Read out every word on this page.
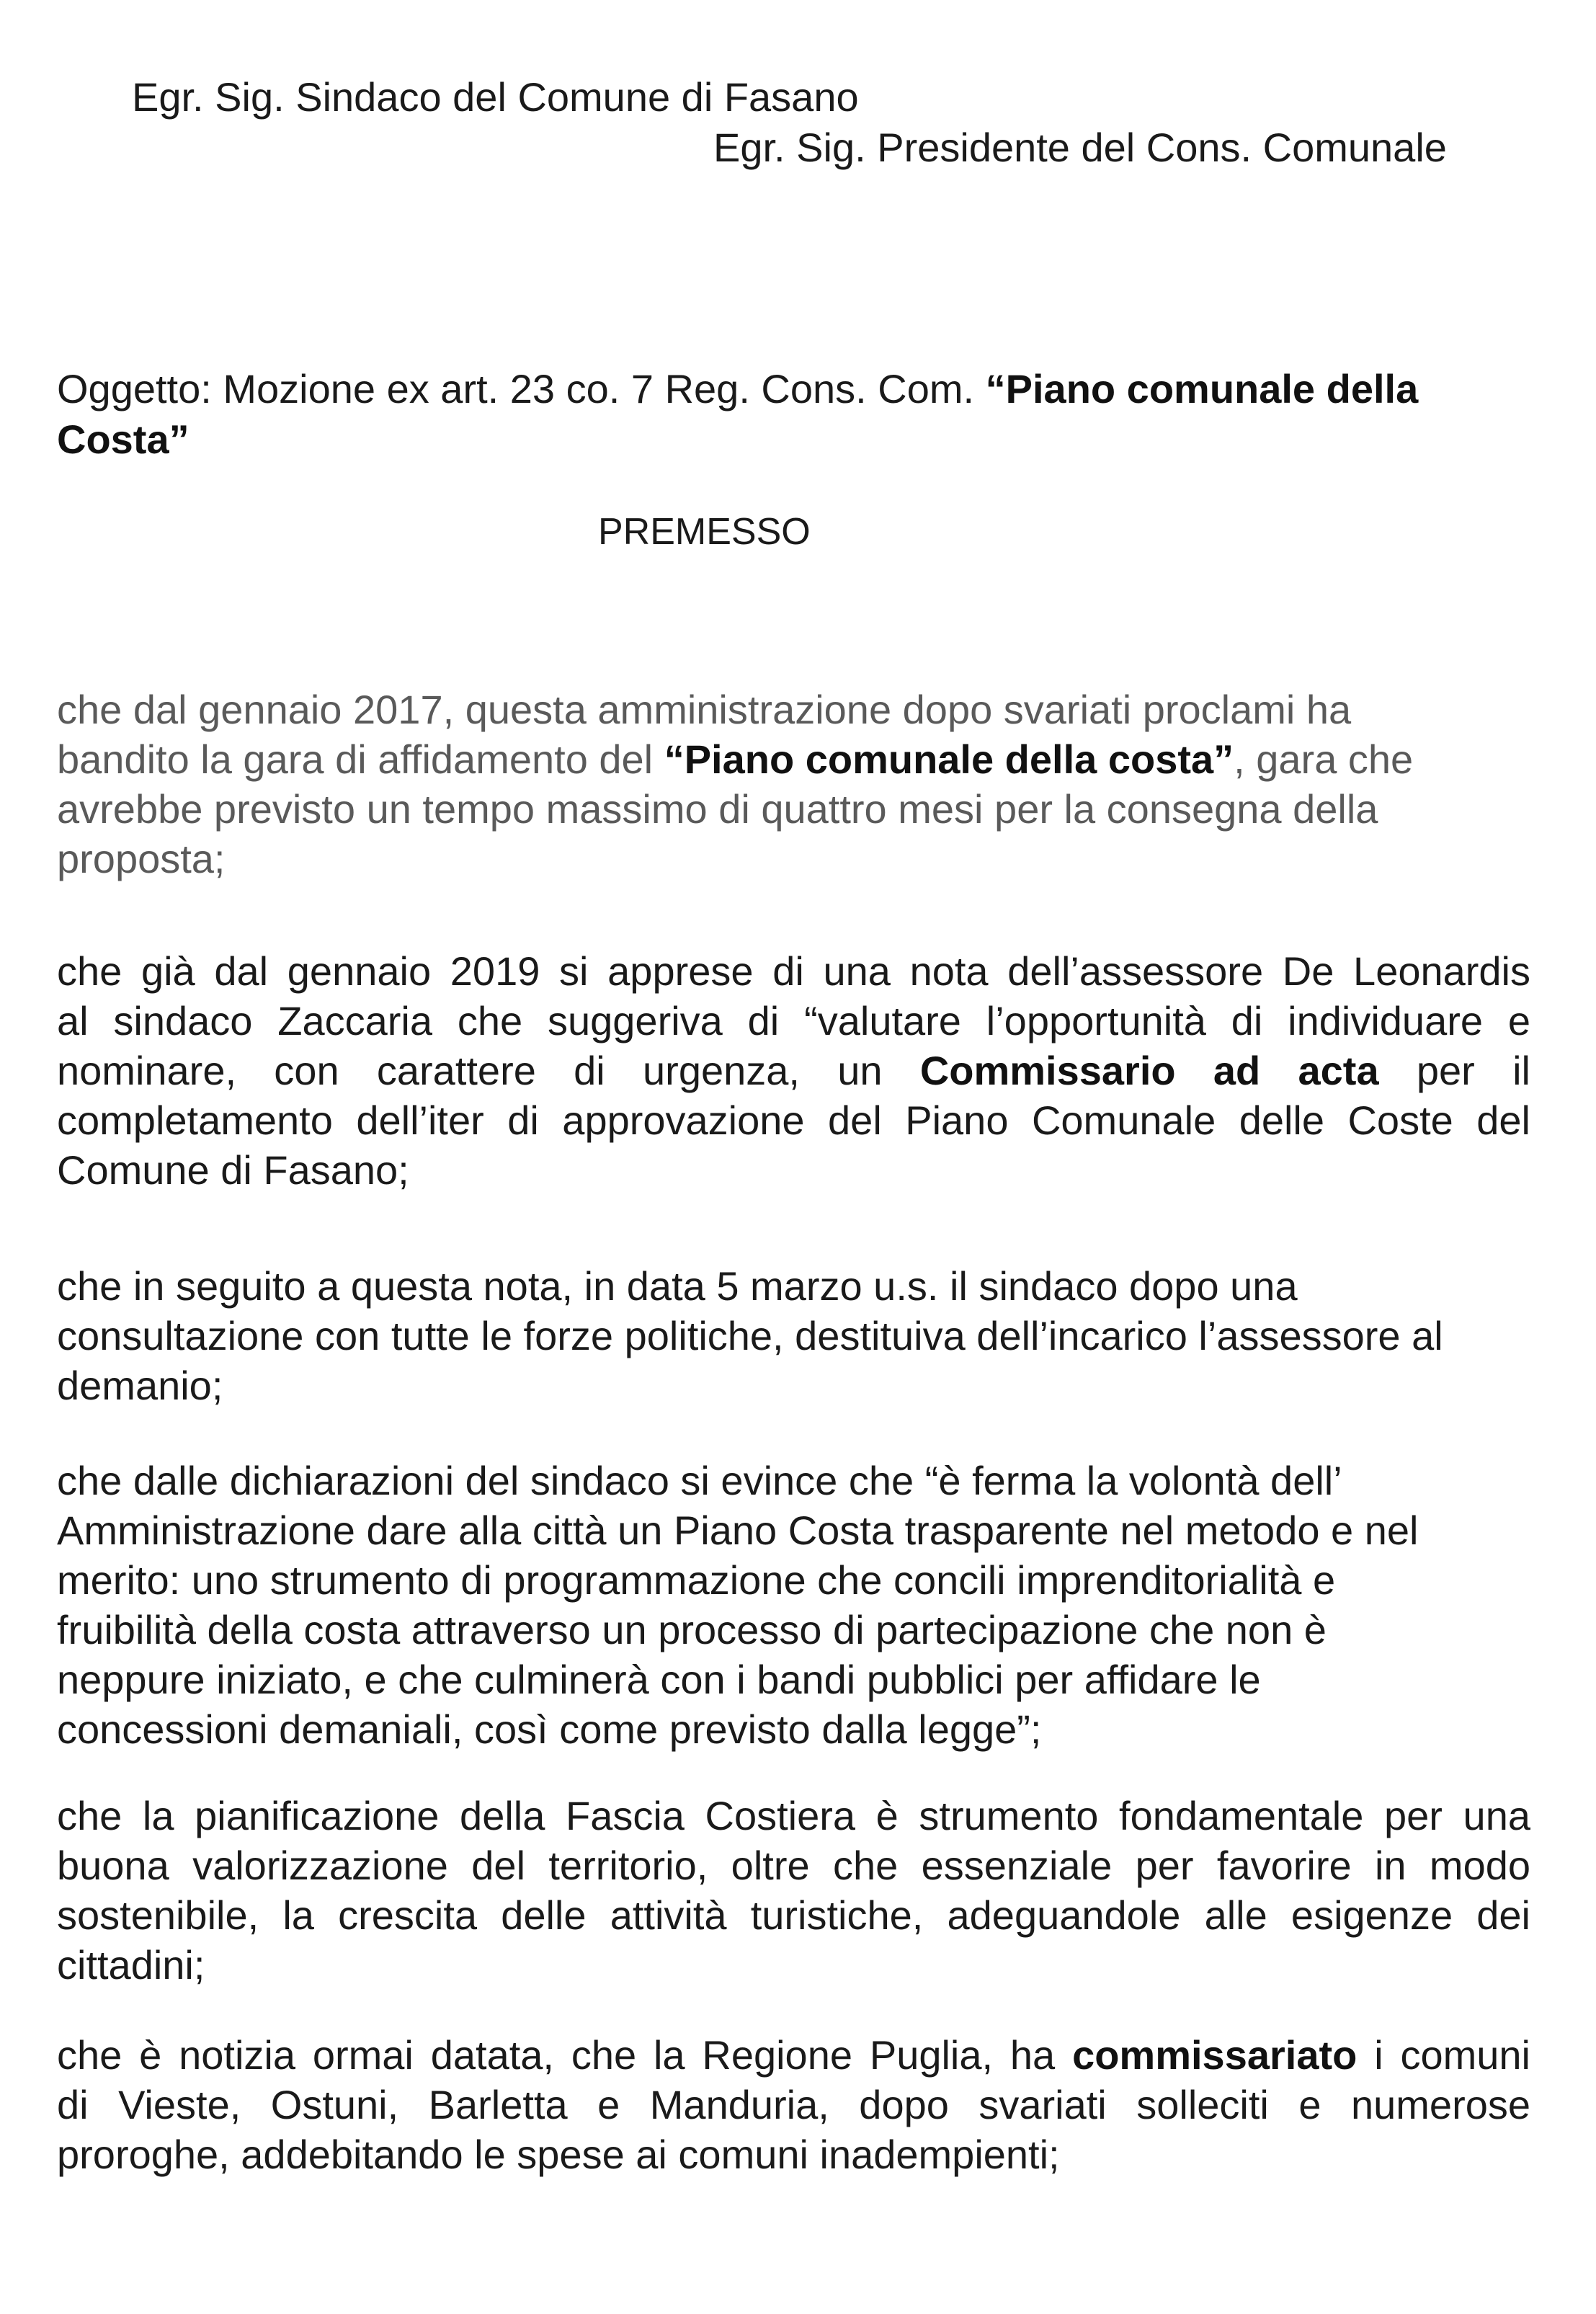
Egr. Sig. Sindaco del Comune di Fasano

Egr. Sig. Presidente del Cons. Comunale

Oggetto: Mozione ex art. 23 co. 7 Reg. Cons. Com. “Piano comunale della
Costa”

PREMESSO

che dal gennaio 2017, questa amministrazione dopo svariati proclami ha
bandito la gara di affidamento del “Piano comunale della costa”, gara che
avrebbe previsto un tempo massimo di quattro mesi per la consegna della
proposta;
che già dal gennaio 2019 si apprese di una nota dell’assessore De Leonardis
al sindaco Zaccaria che suggeriva di “valutare l’opportunità di individuare e
nominare, con carattere di urgenza, un Commissario ad acta per il
completamento dell’iter di approvazione del Piano Comunale delle Coste del
Comune di Fasano;
che in seguito a questa nota, in data 5 marzo u.s. il sindaco dopo una
consultazione con tutte le forze politiche, destituiva dell’incarico l’assessore al
demanio;
che dalle dichiarazioni del sindaco si evince che “è ferma la volontà dell’
Amministrazione dare alla città un Piano Costa trasparente nel metodo e nel
merito: uno strumento di programmazione che concili imprenditorialità e
fruibilità della costa attraverso un processo di partecipazione che non è
neppure iniziato, e che culminerà con i bandi pubblici per affidare le
concessioni demaniali, così come previsto dalla legge”;
che la pianificazione della Fascia Costiera è strumento fondamentale per una
buona valorizzazione del territorio, oltre che essenziale per favorire in modo
sostenibile, la crescita delle attività turistiche, adeguandole alle esigenze dei
cittadini;
che è notizia ormai datata, che la Regione Puglia, ha commissariato i comuni
di Vieste, Ostuni, Barletta e Manduria, dopo svariati solleciti e numerose
proroghe, addebitando le spese ai comuni inadempienti;
